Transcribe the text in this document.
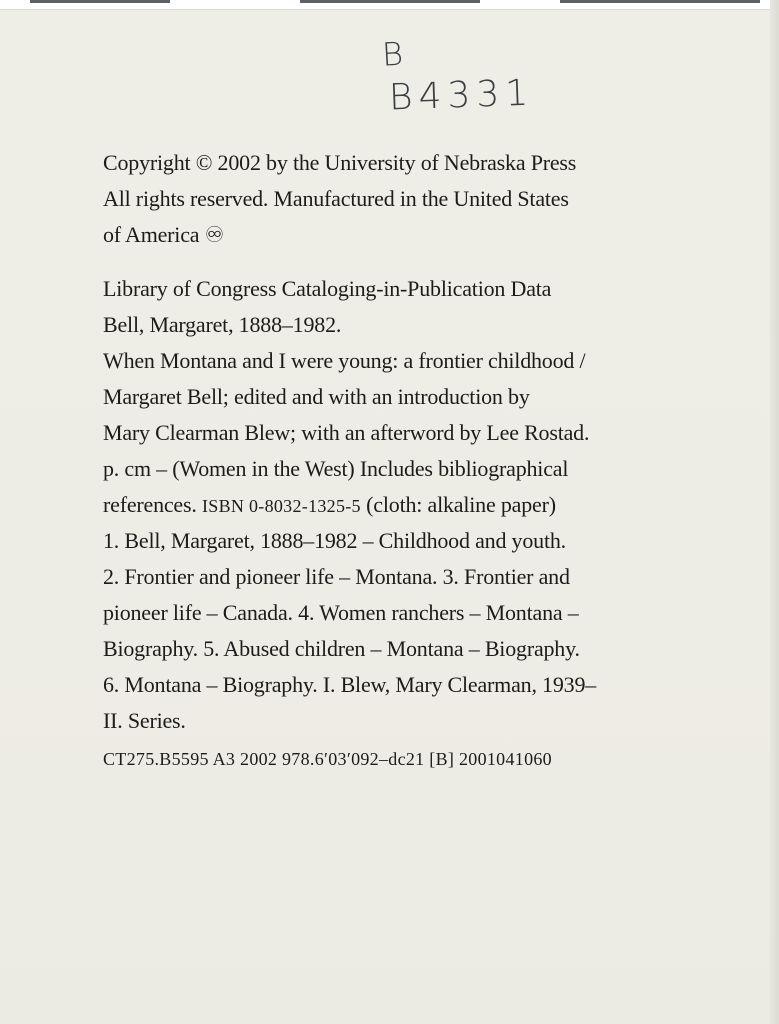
B
B4331
Copyright © 2002 by the University of Nebraska Press
All rights reserved. Manufactured in the United States
of America ♾
Library of Congress Cataloging-in-Publication Data
Bell, Margaret, 1888–1982.
When Montana and I were young: a frontier childhood /
Margaret Bell; edited and with an introduction by
Mary Clearman Blew; with an afterword by Lee Rostad.
p. cm – (Women in the West) Includes bibliographical
references. ISBN 0-8032-1325-5 (cloth: alkaline paper)
1. Bell, Margaret, 1888–1982 – Childhood and youth.
2. Frontier and pioneer life – Montana. 3. Frontier and
pioneer life – Canada. 4. Women ranchers – Montana –
Biography. 5. Abused children – Montana – Biography.
6. Montana – Biography. I. Blew, Mary Clearman, 1939–
II. Series.
CT275.B5595 A3 2002 978.6′03′092–dc21 [B] 2001041060
